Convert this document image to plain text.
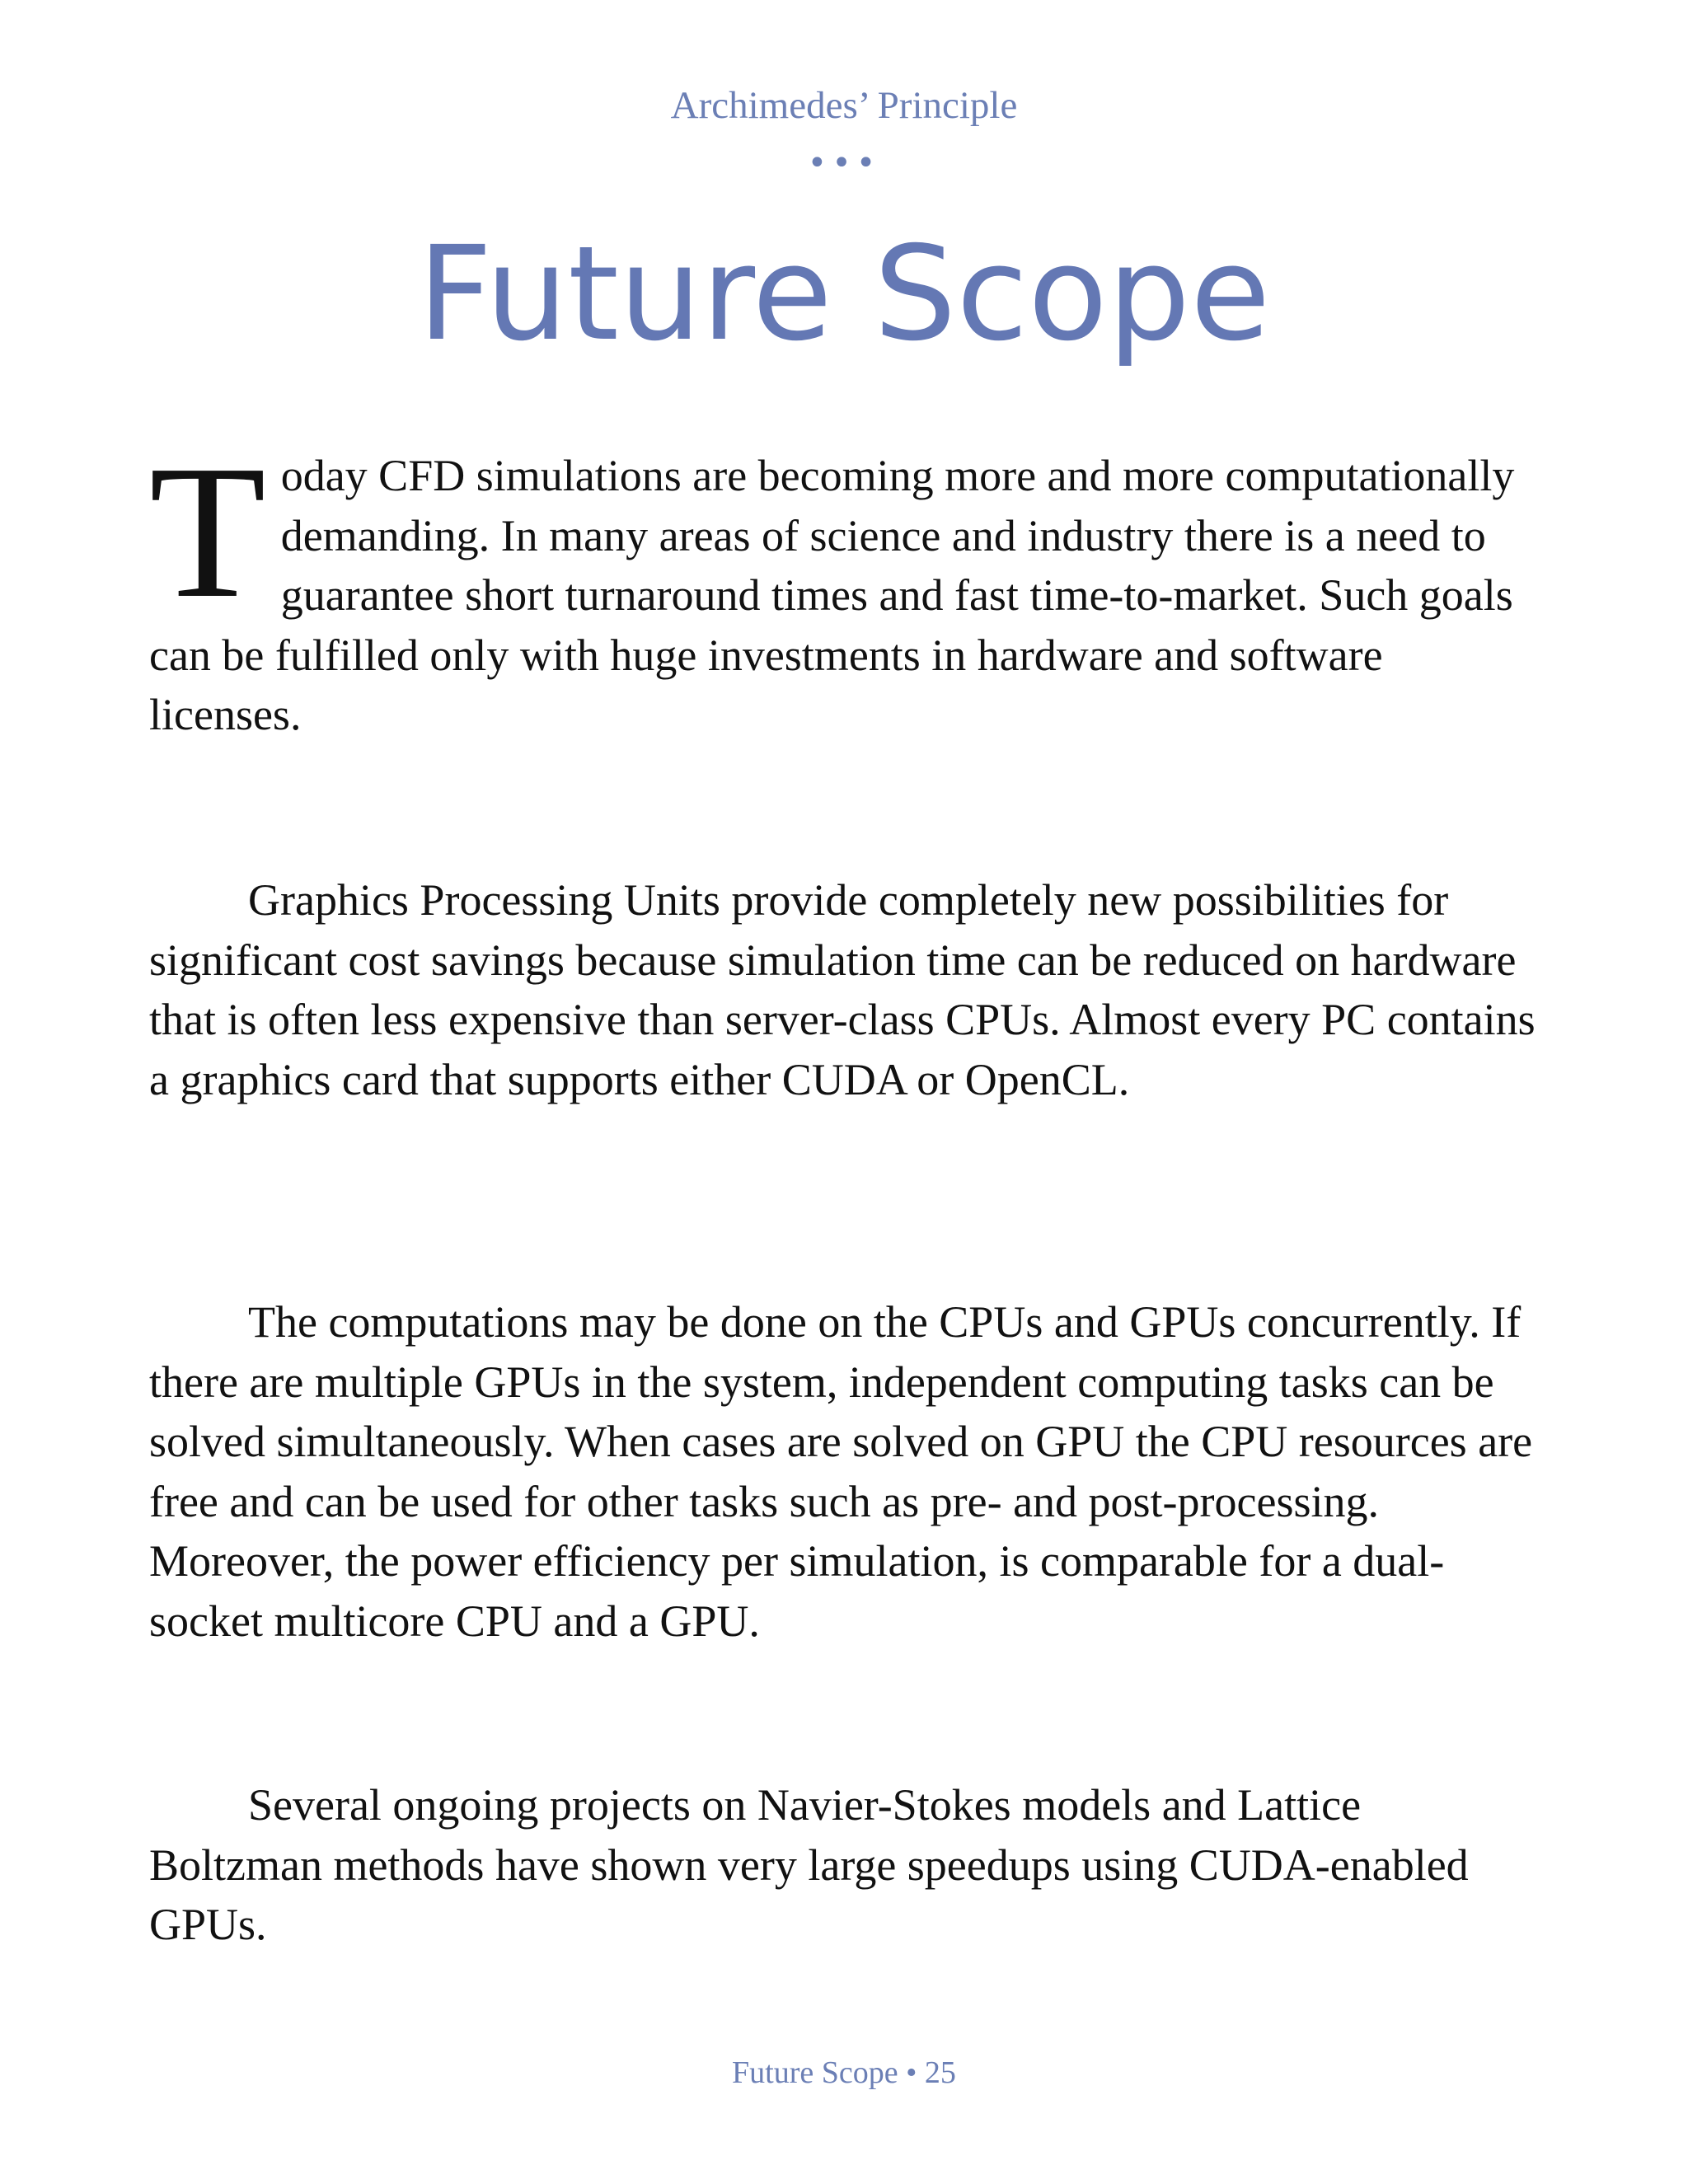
Archimedes’ Principle
•••
Future Scope

Today CFD simulations are becoming more and more computationally demanding. In many areas of science and industry there is a need to guarantee short turnaround times and fast time-to-market. Such goals can be fulfilled only with huge investments in hardware and software licenses.

Graphics Processing Units provide completely new possibilities for significant cost savings because simulation time can be reduced on hardware that is often less expensive than server-class CPUs. Almost every PC contains a graphics card that supports either CUDA or OpenCL.

The computations may be done on the CPUs and GPUs concurrently. If there are multiple GPUs in the system, independent computing tasks can be solved simultaneously. When cases are solved on GPU the CPU resources are free and can be used for other tasks such as pre- and post-processing. Moreover, the power efficiency per simulation, is comparable for a dual-socket multicore CPU and a GPU.

Several ongoing projects on Navier-Stokes models and Lattice Boltzman methods have shown very large speedups using CUDA-enabled GPUs.

Future Scope • 25
